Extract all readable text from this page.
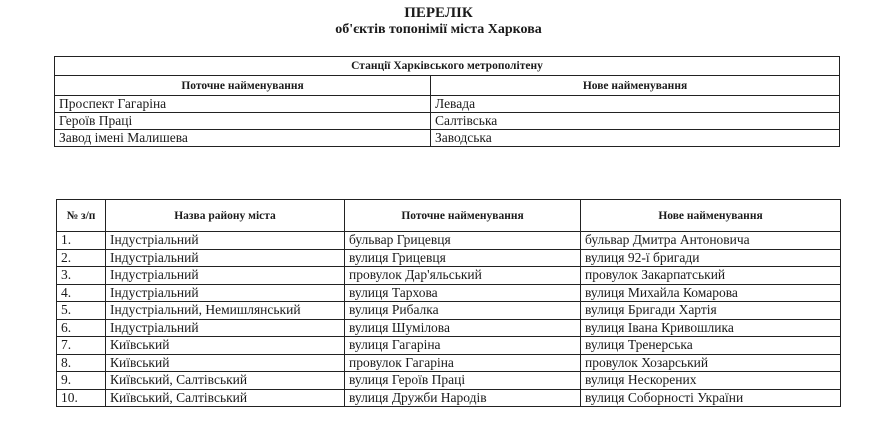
ПЕРЕЛІК
об'єктів топонімії міста Харкова
Станції Харківського метрополітену	
Поточне найменування	Нове найменування
Проспект Гагаріна	Левада
Героїв Праці	Салтівська
Завод імені Малишева	Заводська
№ з/п	Назва району міста	Поточне найменування	Нове найменування
1.	Індустріальний	бульвар Грицевця	бульвар Дмитра Антоновича
2.	Індустріальний	вулиця Грицевця	вулиця 92-ї бригади
3.	Індустріальний	провулок Дар'яльський	провулок Закарпатський
4.	Індустріальний	вулиця Тархова	вулиця Михайла Комарова
5.	Індустріальний, Немишлянський	вулиця Рибалка	вулиця Бригади Хартія
6.	Індустріальний	вулиця Шумілова	вулиця Івана Кривошлика
7.	Київський	вулиця Гагаріна	вулиця Тренерська
8.	Київський	провулок Гагаріна	провулок Хозарський
9.	Київський, Салтівський	вулиця Героїв Праці	вулиця Нескорених
10.	Київський, Салтівський	вулиця Дружби Народів	вулиця Соборності України
